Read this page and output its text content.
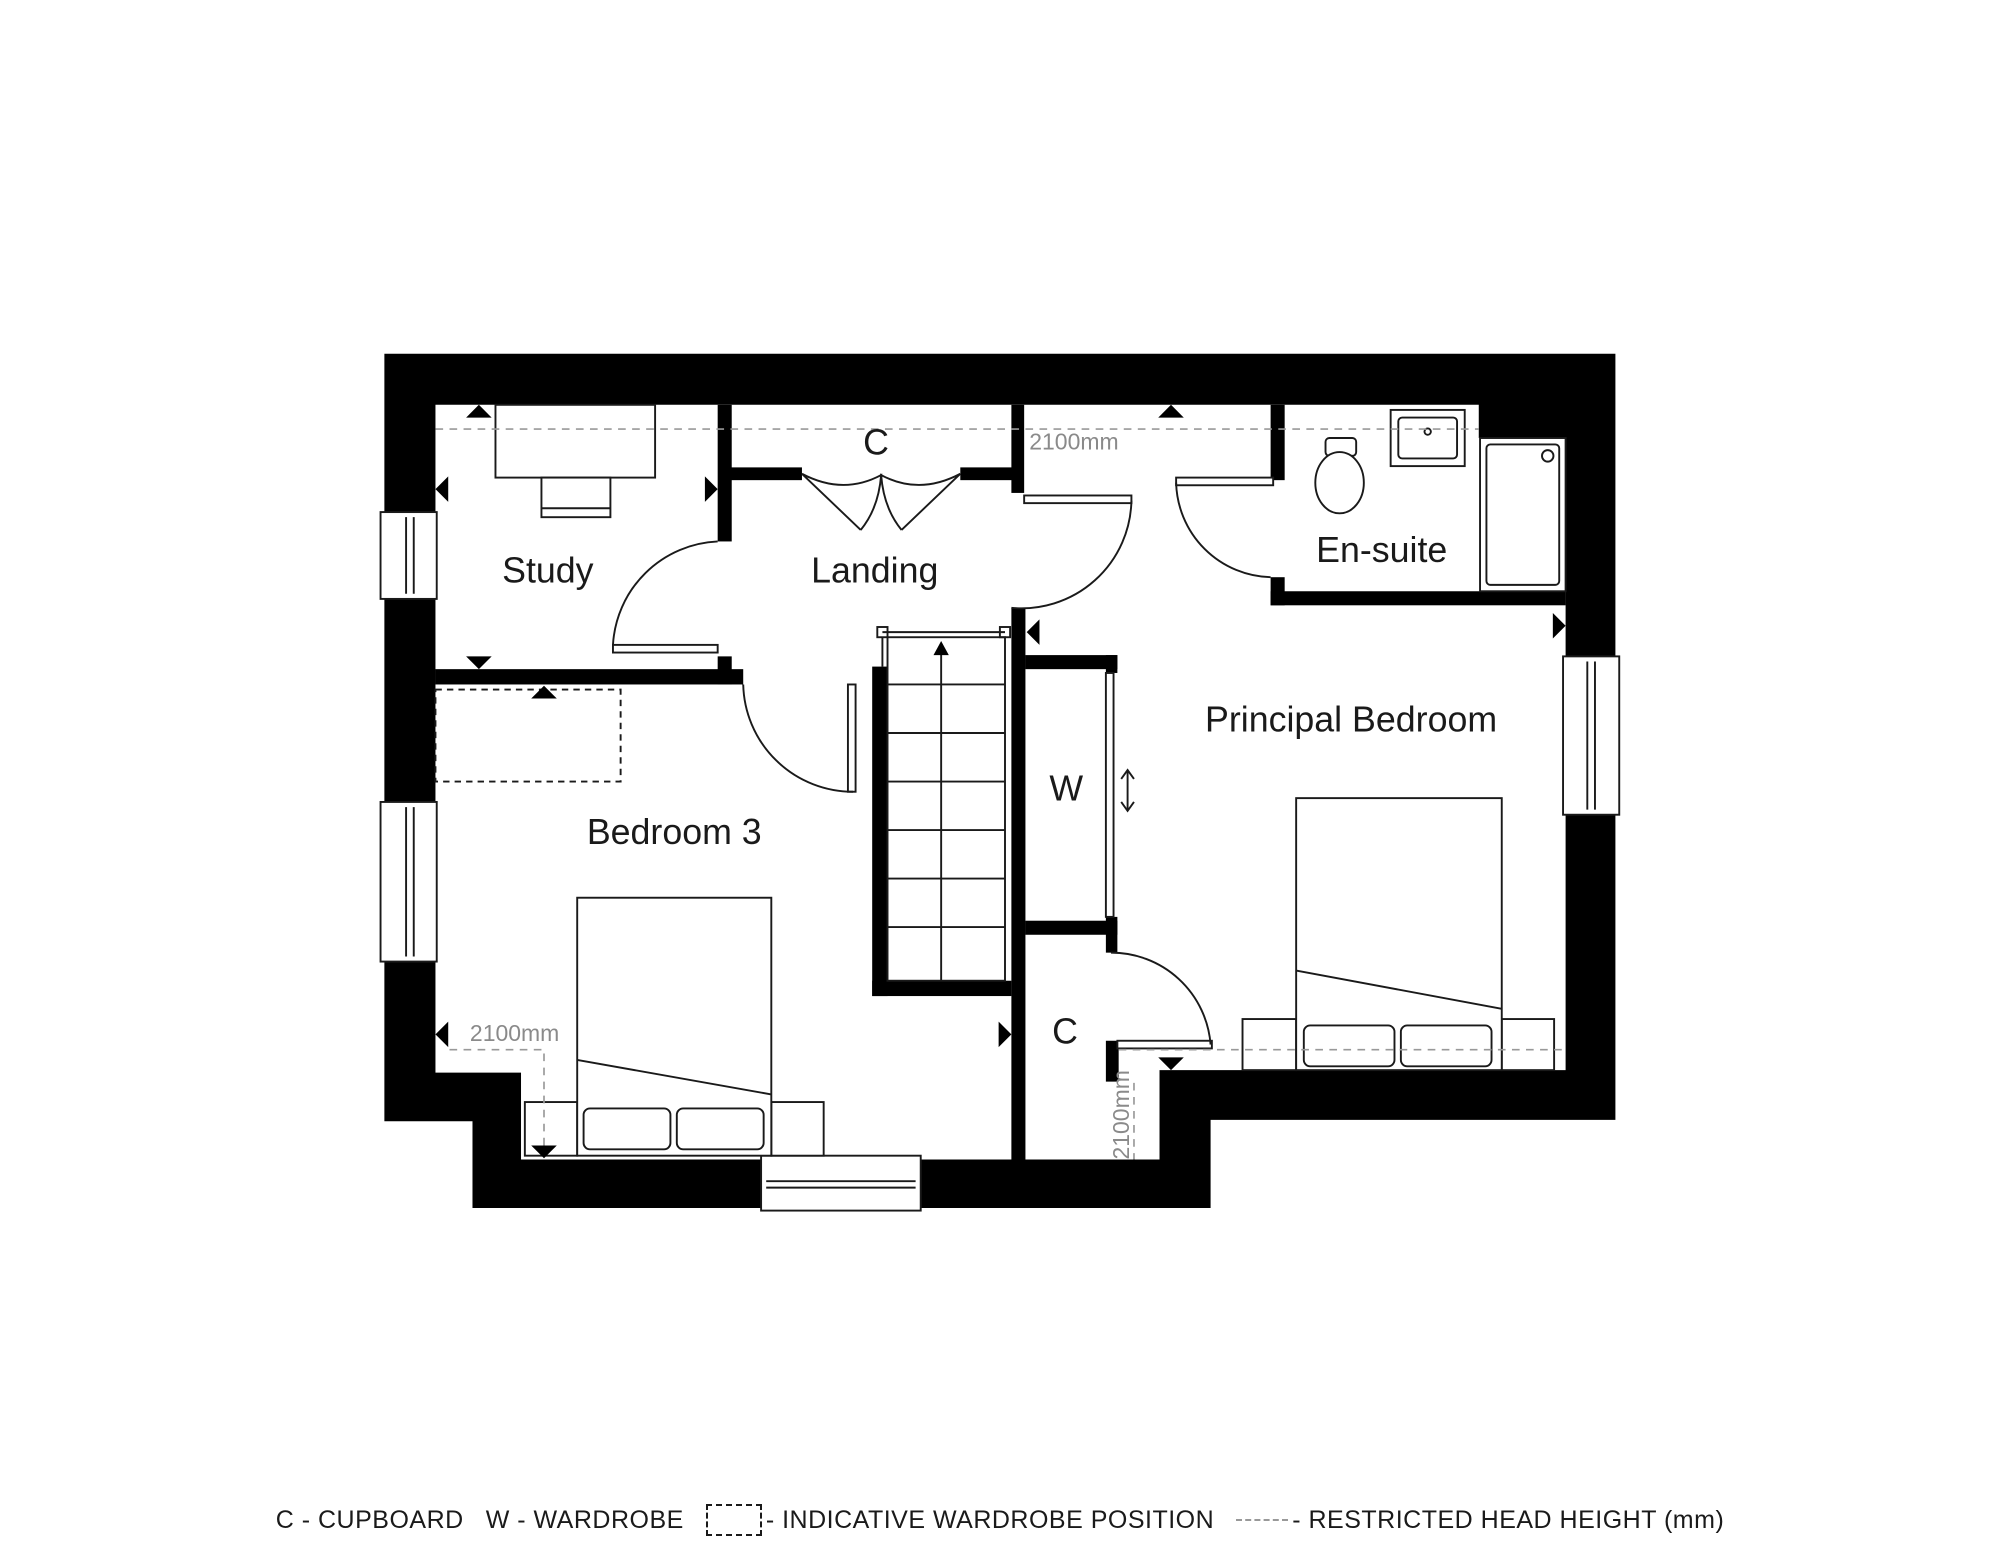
Study	Landing
C
En-suite
Principal Bedroom
Bedroom 3
W
C
2100mm
2100mm
2100mm
C - CUPBOARD W - WARDROBE	- INDICATIVE WARDROBE POSITION	- RESTRICTED HEAD HEIGHT (mm)
